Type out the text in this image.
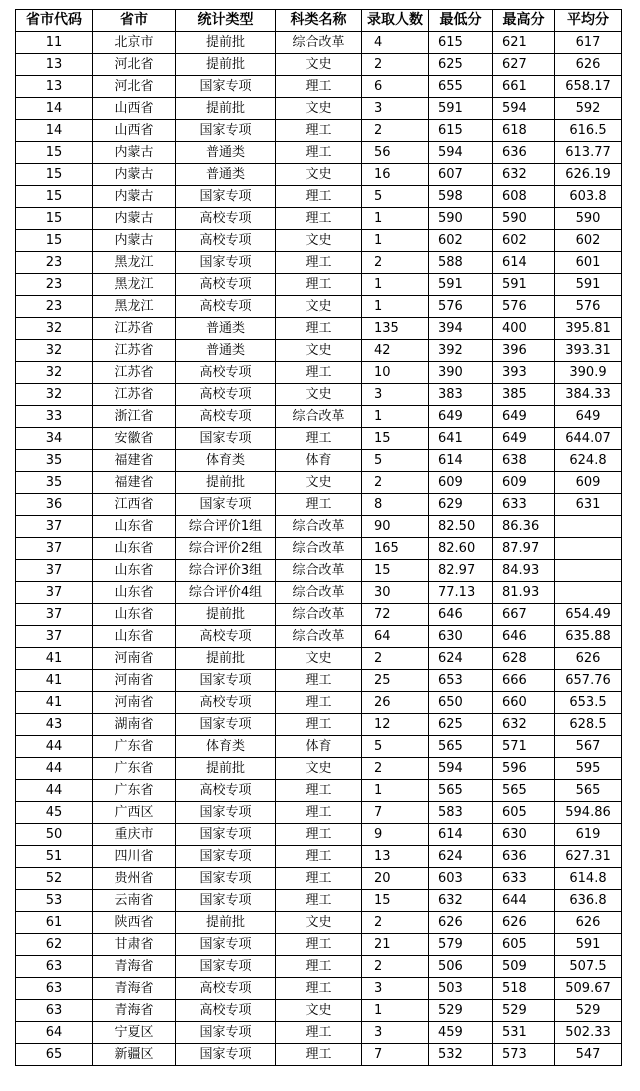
省市代码	省市	统计类型	科类名称	录取人数	最低分	最高分	平均分
11	北京市	提前批	综合改革	4	615	621	617
13	河北省	提前批	文史	2	625	627	626
13	河北省	国家专项	理工	6	655	661	658.17
14	山西省	提前批	文史	3	591	594	592
14	山西省	国家专项	理工	2	615	618	616.5
15	内蒙古	普通类	理工	56	594	636	613.77
15	内蒙古	普通类	文史	16	607	632	626.19
15	内蒙古	国家专项	理工	5	598	608	603.8
15	内蒙古	高校专项	理工	1	590	590	590
15	内蒙古	高校专项	文史	1	602	602	602
23	黑龙江	国家专项	理工	2	588	614	601
23	黑龙江	高校专项	理工	1	591	591	591
23	黑龙江	高校专项	文史	1	576	576	576
32	江苏省	普通类	理工	135	394	400	395.81
32	江苏省	普通类	文史	42	392	396	393.31
32	江苏省	高校专项	理工	10	390	393	390.9
32	江苏省	高校专项	文史	3	383	385	384.33
33	浙江省	高校专项	综合改革	1	649	649	649
34	安徽省	国家专项	理工	15	641	649	644.07
35	福建省	体育类	体育	5	614	638	624.8
35	福建省	提前批	文史	2	609	609	609
36	江西省	国家专项	理工	8	629	633	631
37	山东省	综合评价1组	综合改革	90	82.50	86.36	
37	山东省	综合评价2组	综合改革	165	82.60	87.97	
37	山东省	综合评价3组	综合改革	15	82.97	84.93	
37	山东省	综合评价4组	综合改革	30	77.13	81.93	
37	山东省	提前批	综合改革	72	646	667	654.49
37	山东省	高校专项	综合改革	64	630	646	635.88
41	河南省	提前批	文史	2	624	628	626
41	河南省	国家专项	理工	25	653	666	657.76
41	河南省	高校专项	理工	26	650	660	653.5
43	湖南省	国家专项	理工	12	625	632	628.5
44	广东省	体育类	体育	5	565	571	567
44	广东省	提前批	文史	2	594	596	595
44	广东省	高校专项	理工	1	565	565	565
45	广西区	国家专项	理工	7	583	605	594.86
50	重庆市	国家专项	理工	9	614	630	619
51	四川省	国家专项	理工	13	624	636	627.31
52	贵州省	国家专项	理工	20	603	633	614.8
53	云南省	国家专项	理工	15	632	644	636.8
61	陕西省	提前批	文史	2	626	626	626
62	甘肃省	国家专项	理工	21	579	605	591
63	青海省	国家专项	理工	2	506	509	507.5
63	青海省	高校专项	理工	3	503	518	509.67
63	青海省	高校专项	文史	1	529	529	529
64	宁夏区	国家专项	理工	3	459	531	502.33
65	新疆区	国家专项	理工	7	532	573	547
